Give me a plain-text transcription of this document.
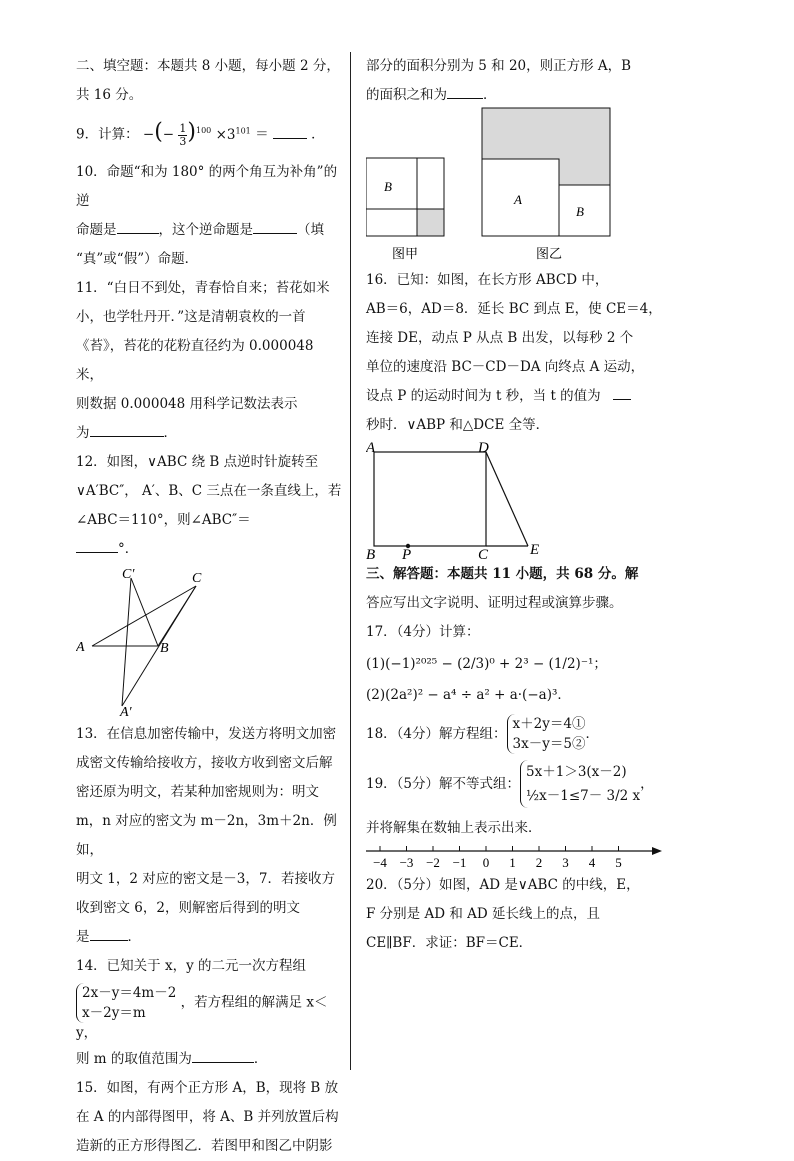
二、填空题：本题共 8 小题，每小题 2 分，

共 16 分。

9．计算： −(− $\frac{1}{3} )^{100} \times 3^{101}$ ＝	．

10．命题“和为 180° 的两个角互为补角”的逆

命题是	，这个逆命题是	（填

“真”或“假”）命题．

11．“白日不到处，青春恰自来；苔花如米

小，也学牡丹开．”这是清朝袁枚的一首

《苔》，苔花的花粉直径约为 0.000048 米，

则数据 0.000048 用科学记数法表示

为	．

12．如图，∨ABC 绕 B 点逆时针旋转至

∨A′BC″， A′、B、C 三点在一条直线上，若

∠ABC＝110°，则∠ABC″＝

°．

A	B
C
C′
A′

13．在信息加密传输中，发送方将明文加密

成密文传输给接收方，接收方收到密文后解

密还原为明文，若某种加密规则为：明文

m，n 对应的密文为 m－2n，3m＋2n．例如，

明文 1，2 对应的密文是－3，7．若接收方

收到密文 6，2，则解密后得到的明文

是	．

14．已知关于 x，y 的二元一次方程组

2x－y＝4m－2
x－2y＝m ，若方程组的解满足 x＜y，

则 m 的取值范围为	．

15．如图，有两个正方形 A，B，现将 B 放

在 A 的内部得图甲，将 A、B 并列放置后构

造新的正方形得图乙．若图甲和图乙中阴影

部分的面积分别为 5 和 20，则正方形 A，B

的面积之和为	．

B
图甲
A
B
图乙

16．已知：如图，在长方形 ABCD 中，

AB＝6，AD＝8．延长 BC 到点 E，使 CE＝4，

连接 DE，动点 P 从点 B 出发，以每秒 2 个

单位的速度沿 BC－CD－DA 向终点 A 运动，

设点 P 的运动时间为 t 秒，当 t 的值为

秒时．∨ABP 和△DCE 全等．

A	D
B P	C	E

三、解答题：本题共 11 小题，共 68 分。解

答应写出文字说明、证明过程或演算步骤。

17．（4分）计算：

(1)(−1)²⁰²⁵ − (2/3)⁰ + 2³ − (1/2)⁻¹；

(2)(2a²)² − a⁴ ÷ a² + a·(−a)³．

18．（4分）解方程组：x＋2y＝4①
3x－y＝5②．

19．（5分）解不等式组：5x＋1＞3(x－2)
½x－1≤7－ 3/2 x，

并将解集在数轴上表示出来．

−4 −3 −2 −1 0 1 2 3 4 5

20．（5分）如图，AD 是∨ABC 的中线，E，

F 分别是 AD 和 AD 延长线上的点，且

CE∥BF．求证：BF＝CE．
